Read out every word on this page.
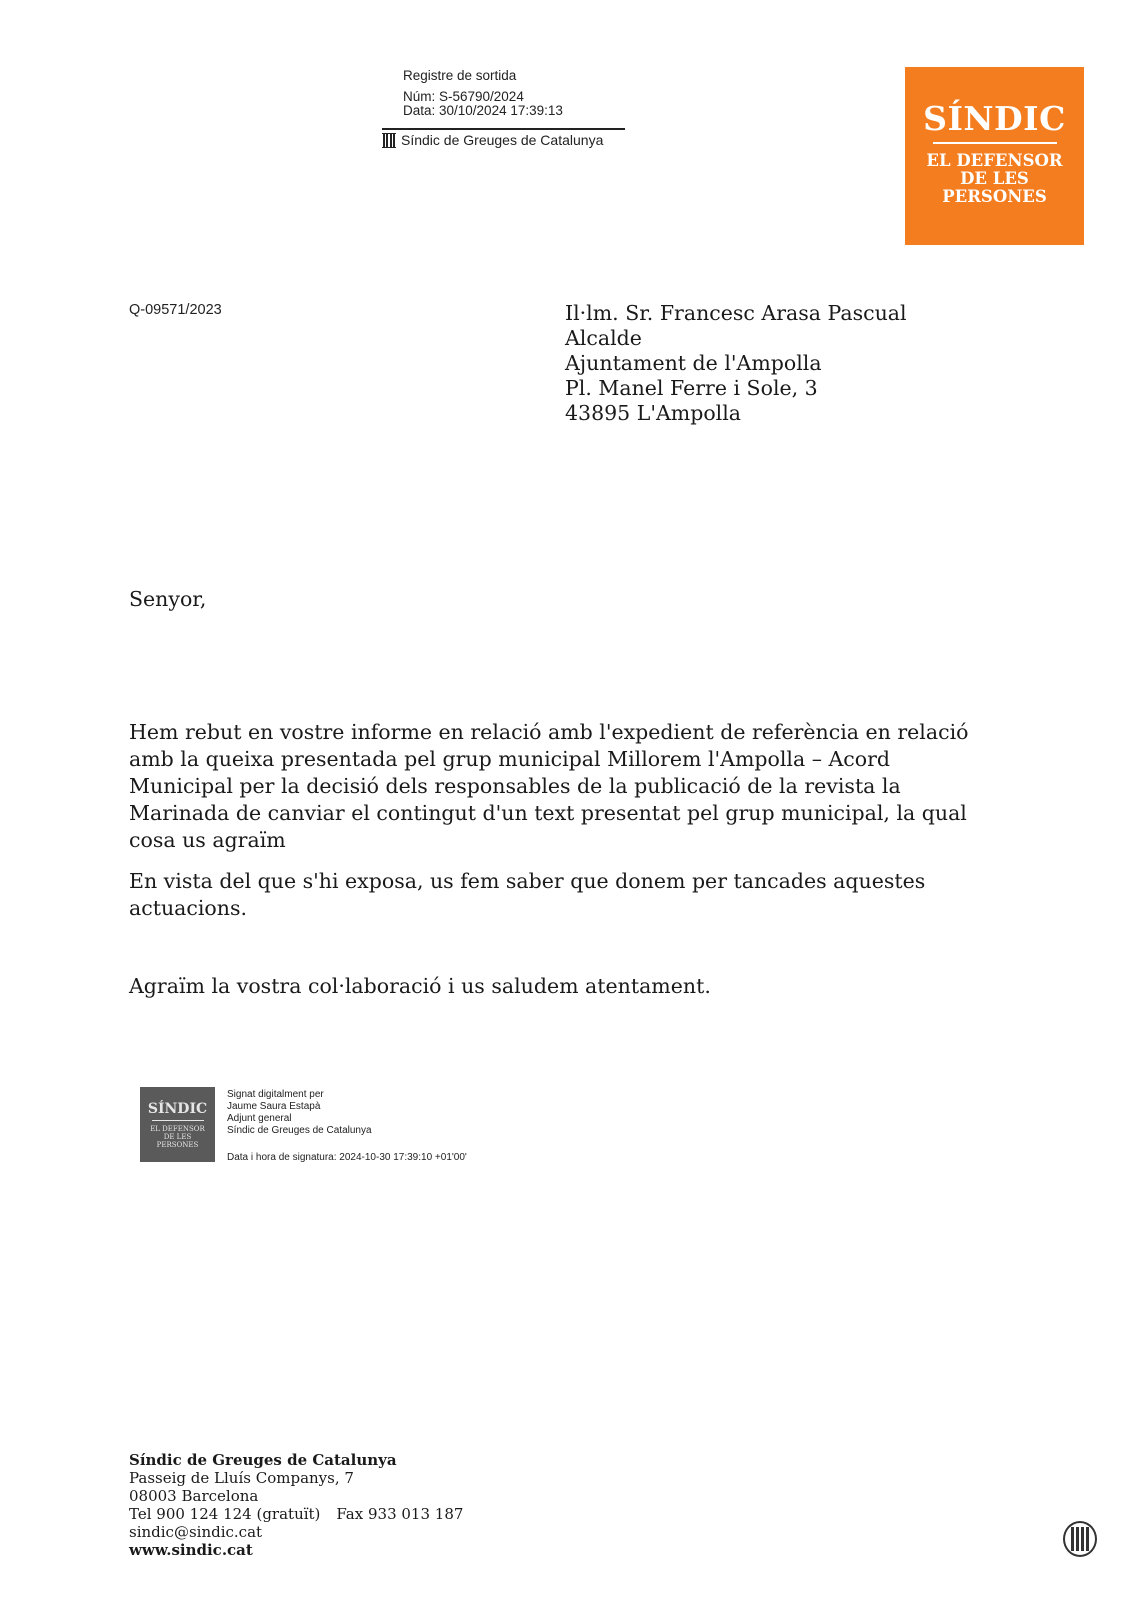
Registre de sortida
Núm: S-56790/2024
Data: 30/10/2024 17:39:13
Síndic de Greuges de Catalunya
SÍNDIC
EL DEFENSOR
DE LES
PERSONES
Q-09571/2023	Il·lm. Sr. Francesc Arasa Pascual
Alcalde
Ajuntament de l'Ampolla
Pl. Manel Ferre i Sole, 3
43895 L'Ampolla
Senyor,
Hem rebut en vostre informe en relació amb l'expedient de referència en relació amb la queixa presentada pel grup municipal Millorem l'Ampolla – Acord Municipal per la decisió dels responsables de la publicació de la revista la Marinada de canviar el contingut d'un text presentat pel grup municipal, la qual cosa us agraïm
En vista del que s'hi exposa, us fem saber que donem per tancades aquestes actuacions.
Agraïm la vostra col·laboració i us saludem atentament.
SÍNDIC
EL DEFENSOR
DE LES
PERSONES
Signat digitalment per
Jaume Saura Estapà
Adjunt general
Síndic de Greuges de Catalunya
Data i hora de signatura: 2024-10-30 17:39:10 +01'00'
Síndic de Greuges de Catalunya
Passeig de Lluís Companys, 7
08003 Barcelona
Tel 900 124 124 (gratuït) Fax 933 013 187
sindic@sindic.cat
www.sindic.cat
